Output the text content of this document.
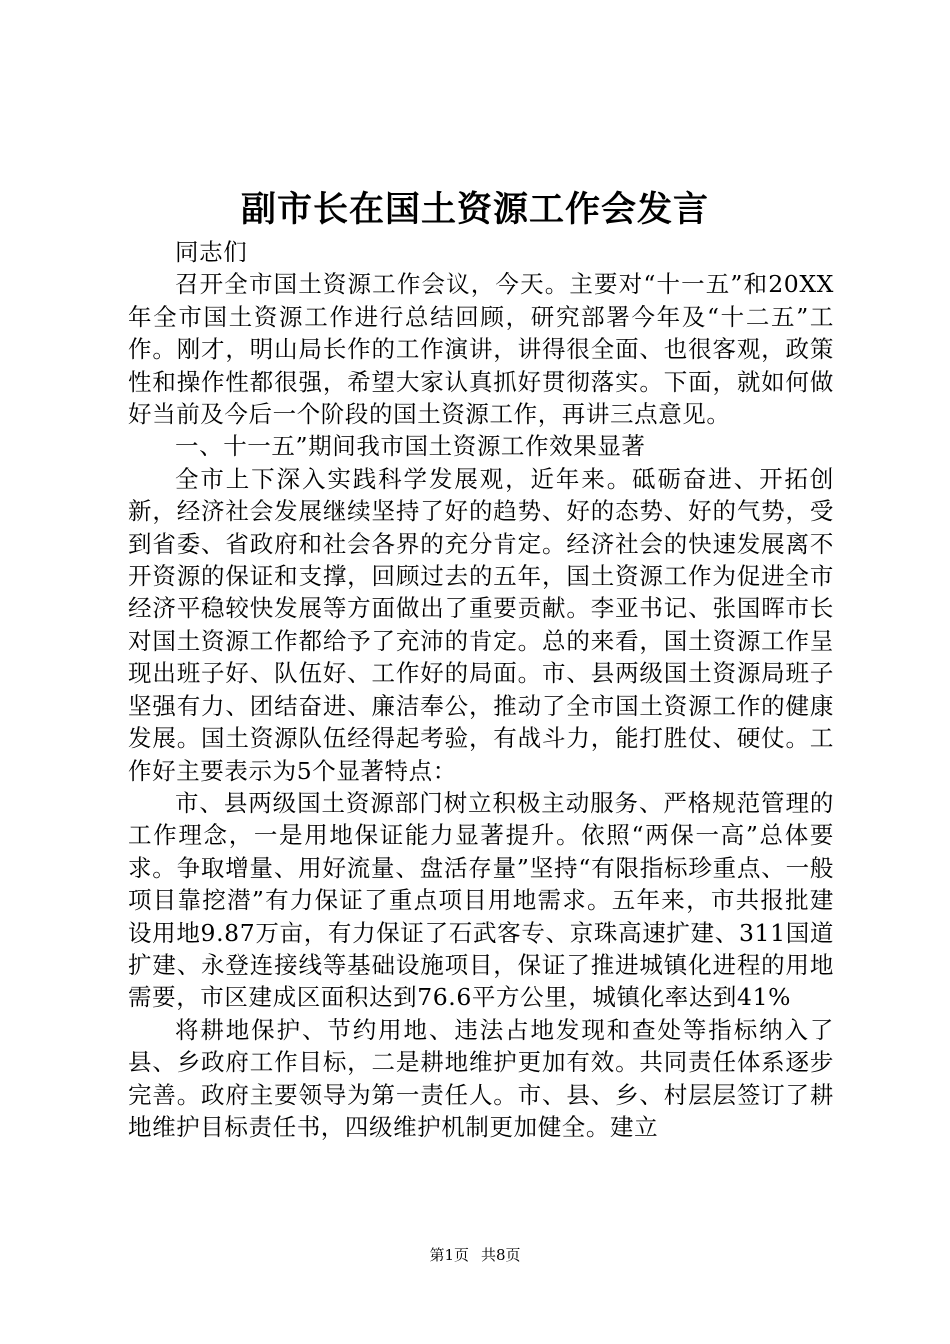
副市长在国土资源工作会发言

同志们

召开全市国土资源工作会议，今天。主要对“十一五”和20XX年全市国土资源工作进行总结回顾，研究部署今年及“十二五”工作。刚才，明山局长作的工作演讲，讲得很全面、也很客观，政策性和操作性都很强，希望大家认真抓好贯彻落实。下面，就如何做好当前及今后一个阶段的国土资源工作，再讲三点意见。

一、十一五”期间我市国土资源工作效果显著

全市上下深入实践科学发展观，近年来。砥砺奋进、开拓创新，经济社会发展继续坚持了好的趋势、好的态势、好的气势，受到省委、省政府和社会各界的充分肯定。经济社会的快速发展离不开资源的保证和支撑，回顾过去的五年，国土资源工作为促进全市经济平稳较快发展等方面做出了重要贡献。李亚书记、张国晖市长对国土资源工作都给予了充沛的肯定。总的来看，国土资源工作呈现出班子好、队伍好、工作好的局面。市、县两级国土资源局班子坚强有力、团结奋进、廉洁奉公，推动了全市国土资源工作的健康发展。国土资源队伍经得起考验，有战斗力，能打胜仗、硬仗。工作好主要表示为5个显著特点：

市、县两级国土资源部门树立积极主动服务、严格规范管理的工作理念，一是用地保证能力显著提升。依照“两保一高”总体要求。争取增量、用好流量、盘活存量”坚持“有限指标珍重点、一般项目靠挖潜”有力保证了重点项目用地需求。五年来，市共报批建设用地9.87万亩，有力保证了石武客专、京珠高速扩建、311国道扩建、永登连接线等基础设施项目，保证了推进城镇化进程的用地需要，市区建成区面积达到76.6平方公里，城镇化率达到41%

将耕地保护、节约用地、违法占地发现和查处等指标纳入了县、乡政府工作目标，二是耕地维护更加有效。共同责任体系逐步完善。政府主要领导为第一责任人。市、县、乡、村层层签订了耕地维护目标责任书，四级维护机制更加健全。建立

第1页 共8页
